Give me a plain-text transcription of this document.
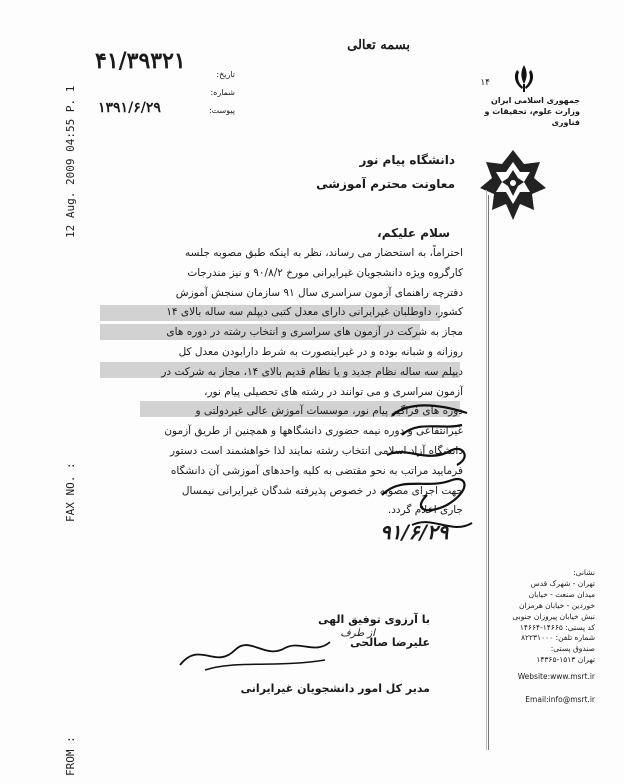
12 Aug. 2009 04:55 P. 1
FAX NO. :
FROM :
۴۱/۳۹۳۲۱
تاریخ:
شماره:
پیوست:
۱۳۹۱/۶/۲۹
بسمه تعالی
۱۴
جمهوری اسلامی ایران
وزارت علوم، تحقیقات و فناوری
دانشگاه پیام نور
معاونت محترم آموزشی
سلام علیکم،
احتراماً، به استحضار می رساند، نظر به اینکه طبق مصوبه جلسه
کارگروه ویژه دانشجویان غیرایرانی مورخ ۹۰/۸/۲ و نیز مندرجات
دفترچه راهنمای آزمون سراسری سال ۹۱ سازمان سنجش آموزش
کشور، داوطلبان غیرایرانی دارای معدل کتبی دیپلم سه ساله بالای ۱۴
مجاز به شرکت در آزمون های سراسری و انتخاب رشته در دوره های
روزانه و شبانه بوده و در غیراینصورت به شرط دارابودن معدل کل
دیپلم سه ساله نظام جدید و یا نظام قدیم بالای ۱۴، مجاز به شرکت در
آزمون سراسری و می توانند در رشته های تحصیلی پیام نور،
دوره های فراگیر پیام نور، موسسات آموزش عالی غیردولتی و
غیرانتفاعی و دوره نیمه حضوری دانشگاهها و همچنین از طریق آزمون
دانشگاه آزاد اسلامی انتخاب رشته نمایند لذا خواهشمند است دستور
فرمایید مراتب به نحو مقتضی به کلیه واحدهای آموزشی آن دانشگاه
جهت اجرای مصوبه در خصوص پذیرفته شدگان غیرایرانی نیمسال
جاری اعلام گردد.
۹۱/۶/۲۹
با آرزوی توفیق الهی
علیرضا صالحی
مدیر کل امور دانشجویان غیرایرانی
از طرف
نشانی:
تهران - شهرک قدس
میدان صنعت - خیابان
خوردین - خیابان هرمزان
نبش خیابان پیروزان جنوبی
کد پستی: ۱۴۶۶۵-۱۴۶۶۴
شماره تلفن: ۸۲۲۳۱۰۰۰
صندوق پستی:
تهران ۱۵۱۳-۱۴۳۶۵
Website:www.msrt.ir
Email:info@msrt.ir
